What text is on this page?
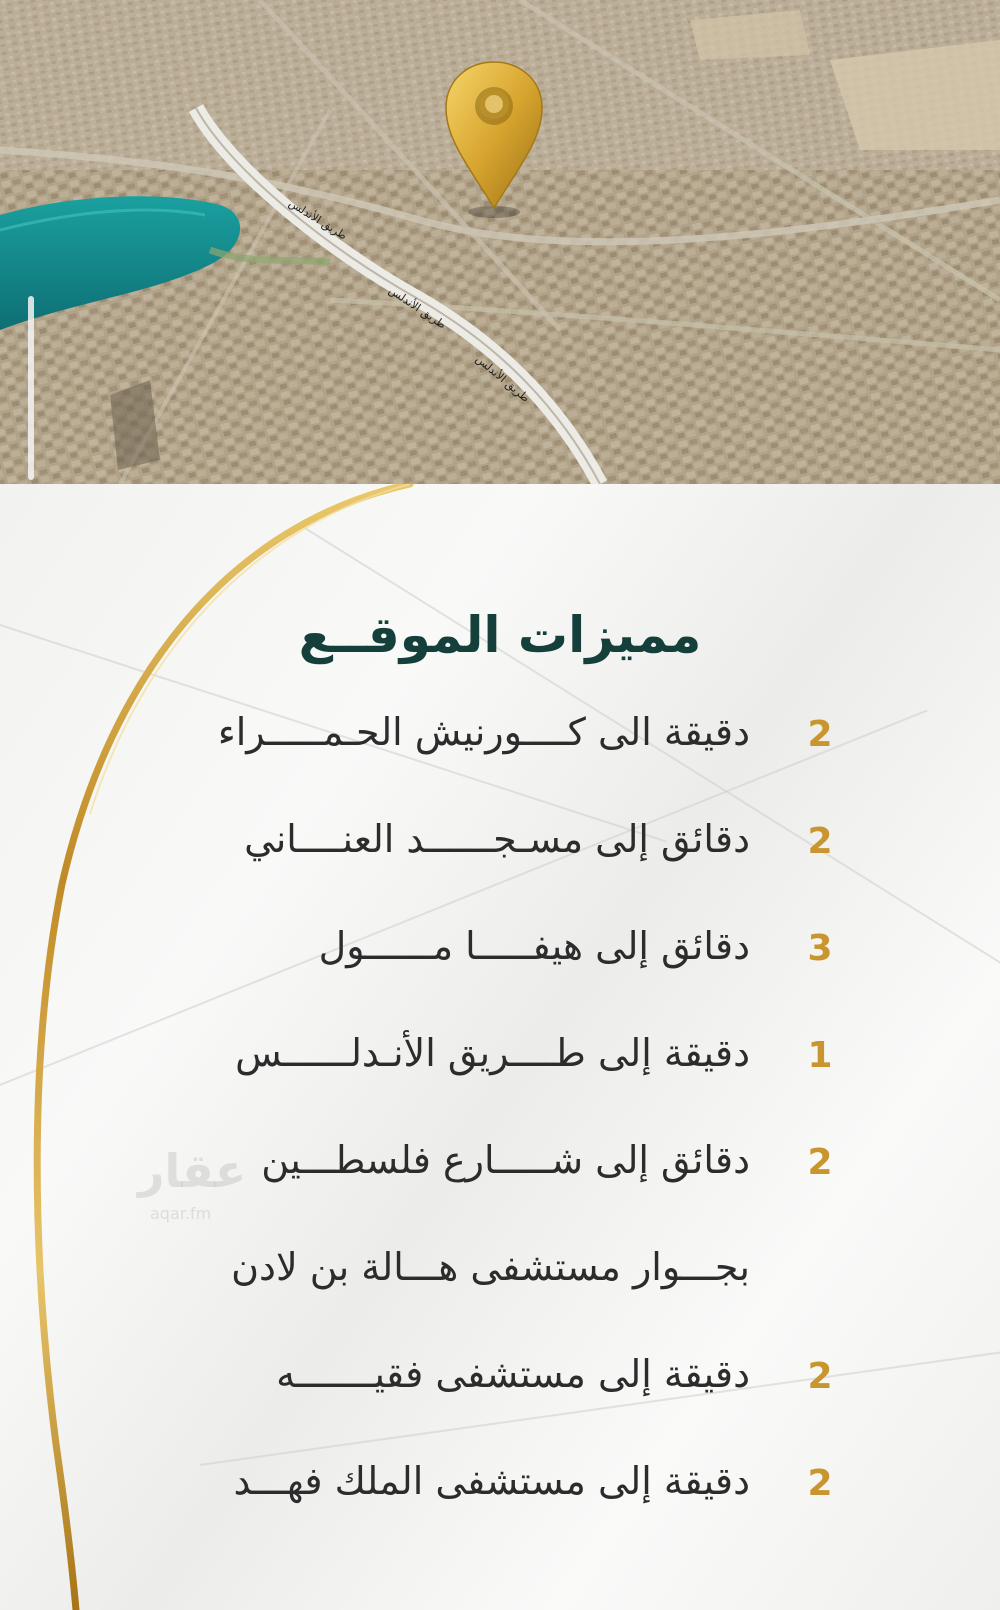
طريق الأندلس
طريق الأندلس
طريق الأندلس
عقار
aqar.fm
مميزات الموقــع
2
دقيقة الى كــــورنيش الحـمـــــراء
2
دقائق إلى مسـجــــــد العنــــاني
3
دقائق إلى هيفـــــا مــــــول
1
دقيقة إلى طــــريق الأنـدلــــــس
2
دقائق إلى شـــــارع فلسطـــين
بجـــوار مستشفى هـــالة بن لادن
2
دقيقة إلى مستشفى فقيـــــــه
2
دقيقة إلى مستشفى الملك فهـــد
